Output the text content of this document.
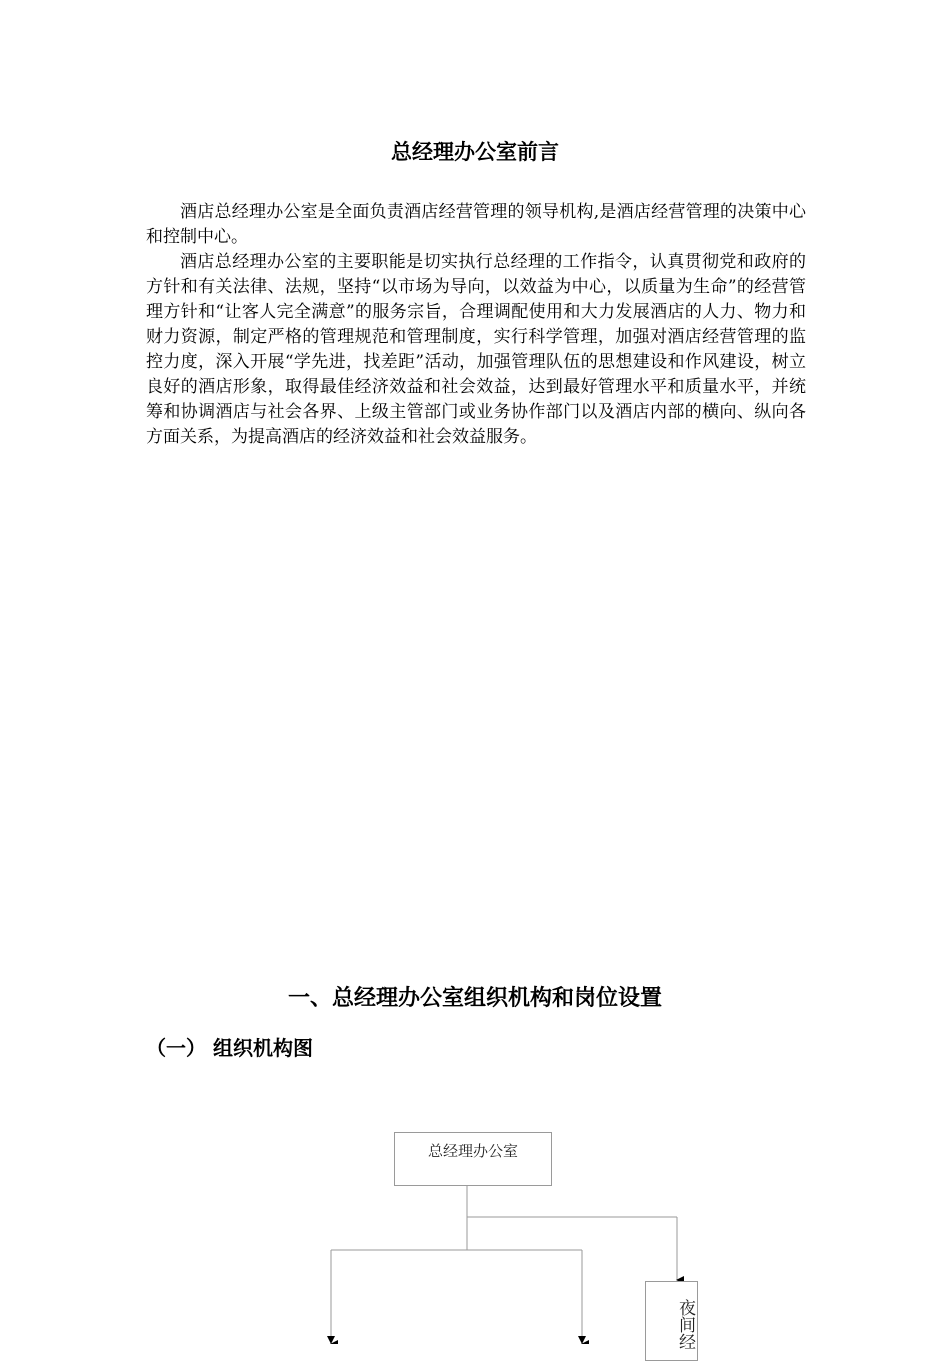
总经理办公室前言

酒店总经理办公室是全面负责酒店经营管理的领导机构,是酒店经营管理的决策中心和控制中心。

酒店总经理办公室的主要职能是切实执行总经理的工作指令，认真贯彻党和政府的方针和有关法律、法规，坚持“以市场为导向，以效益为中心，以质量为生命”的经营管理方针和“让客人完全满意”的服务宗旨，合理调配使用和大力发展酒店的人力、物力和财力资源，制定严格的管理规范和管理制度，实行科学管理，加强对酒店经营管理的监控力度，深入开展“学先进，找差距”活动，加强管理队伍的思想建设和作风建设，树立良好的酒店形象，取得最佳经济效益和社会效益，达到最好管理水平和质量水平，并统筹和协调酒店与社会各界、上级主管部门或业务协作部门以及酒店内部的横向、纵向各方面关系，为提高酒店的经济效益和社会效益服务。

一、总经理办公室组织机构和岗位设置
（一） 组织机构图
总经理办公室
夜间经
